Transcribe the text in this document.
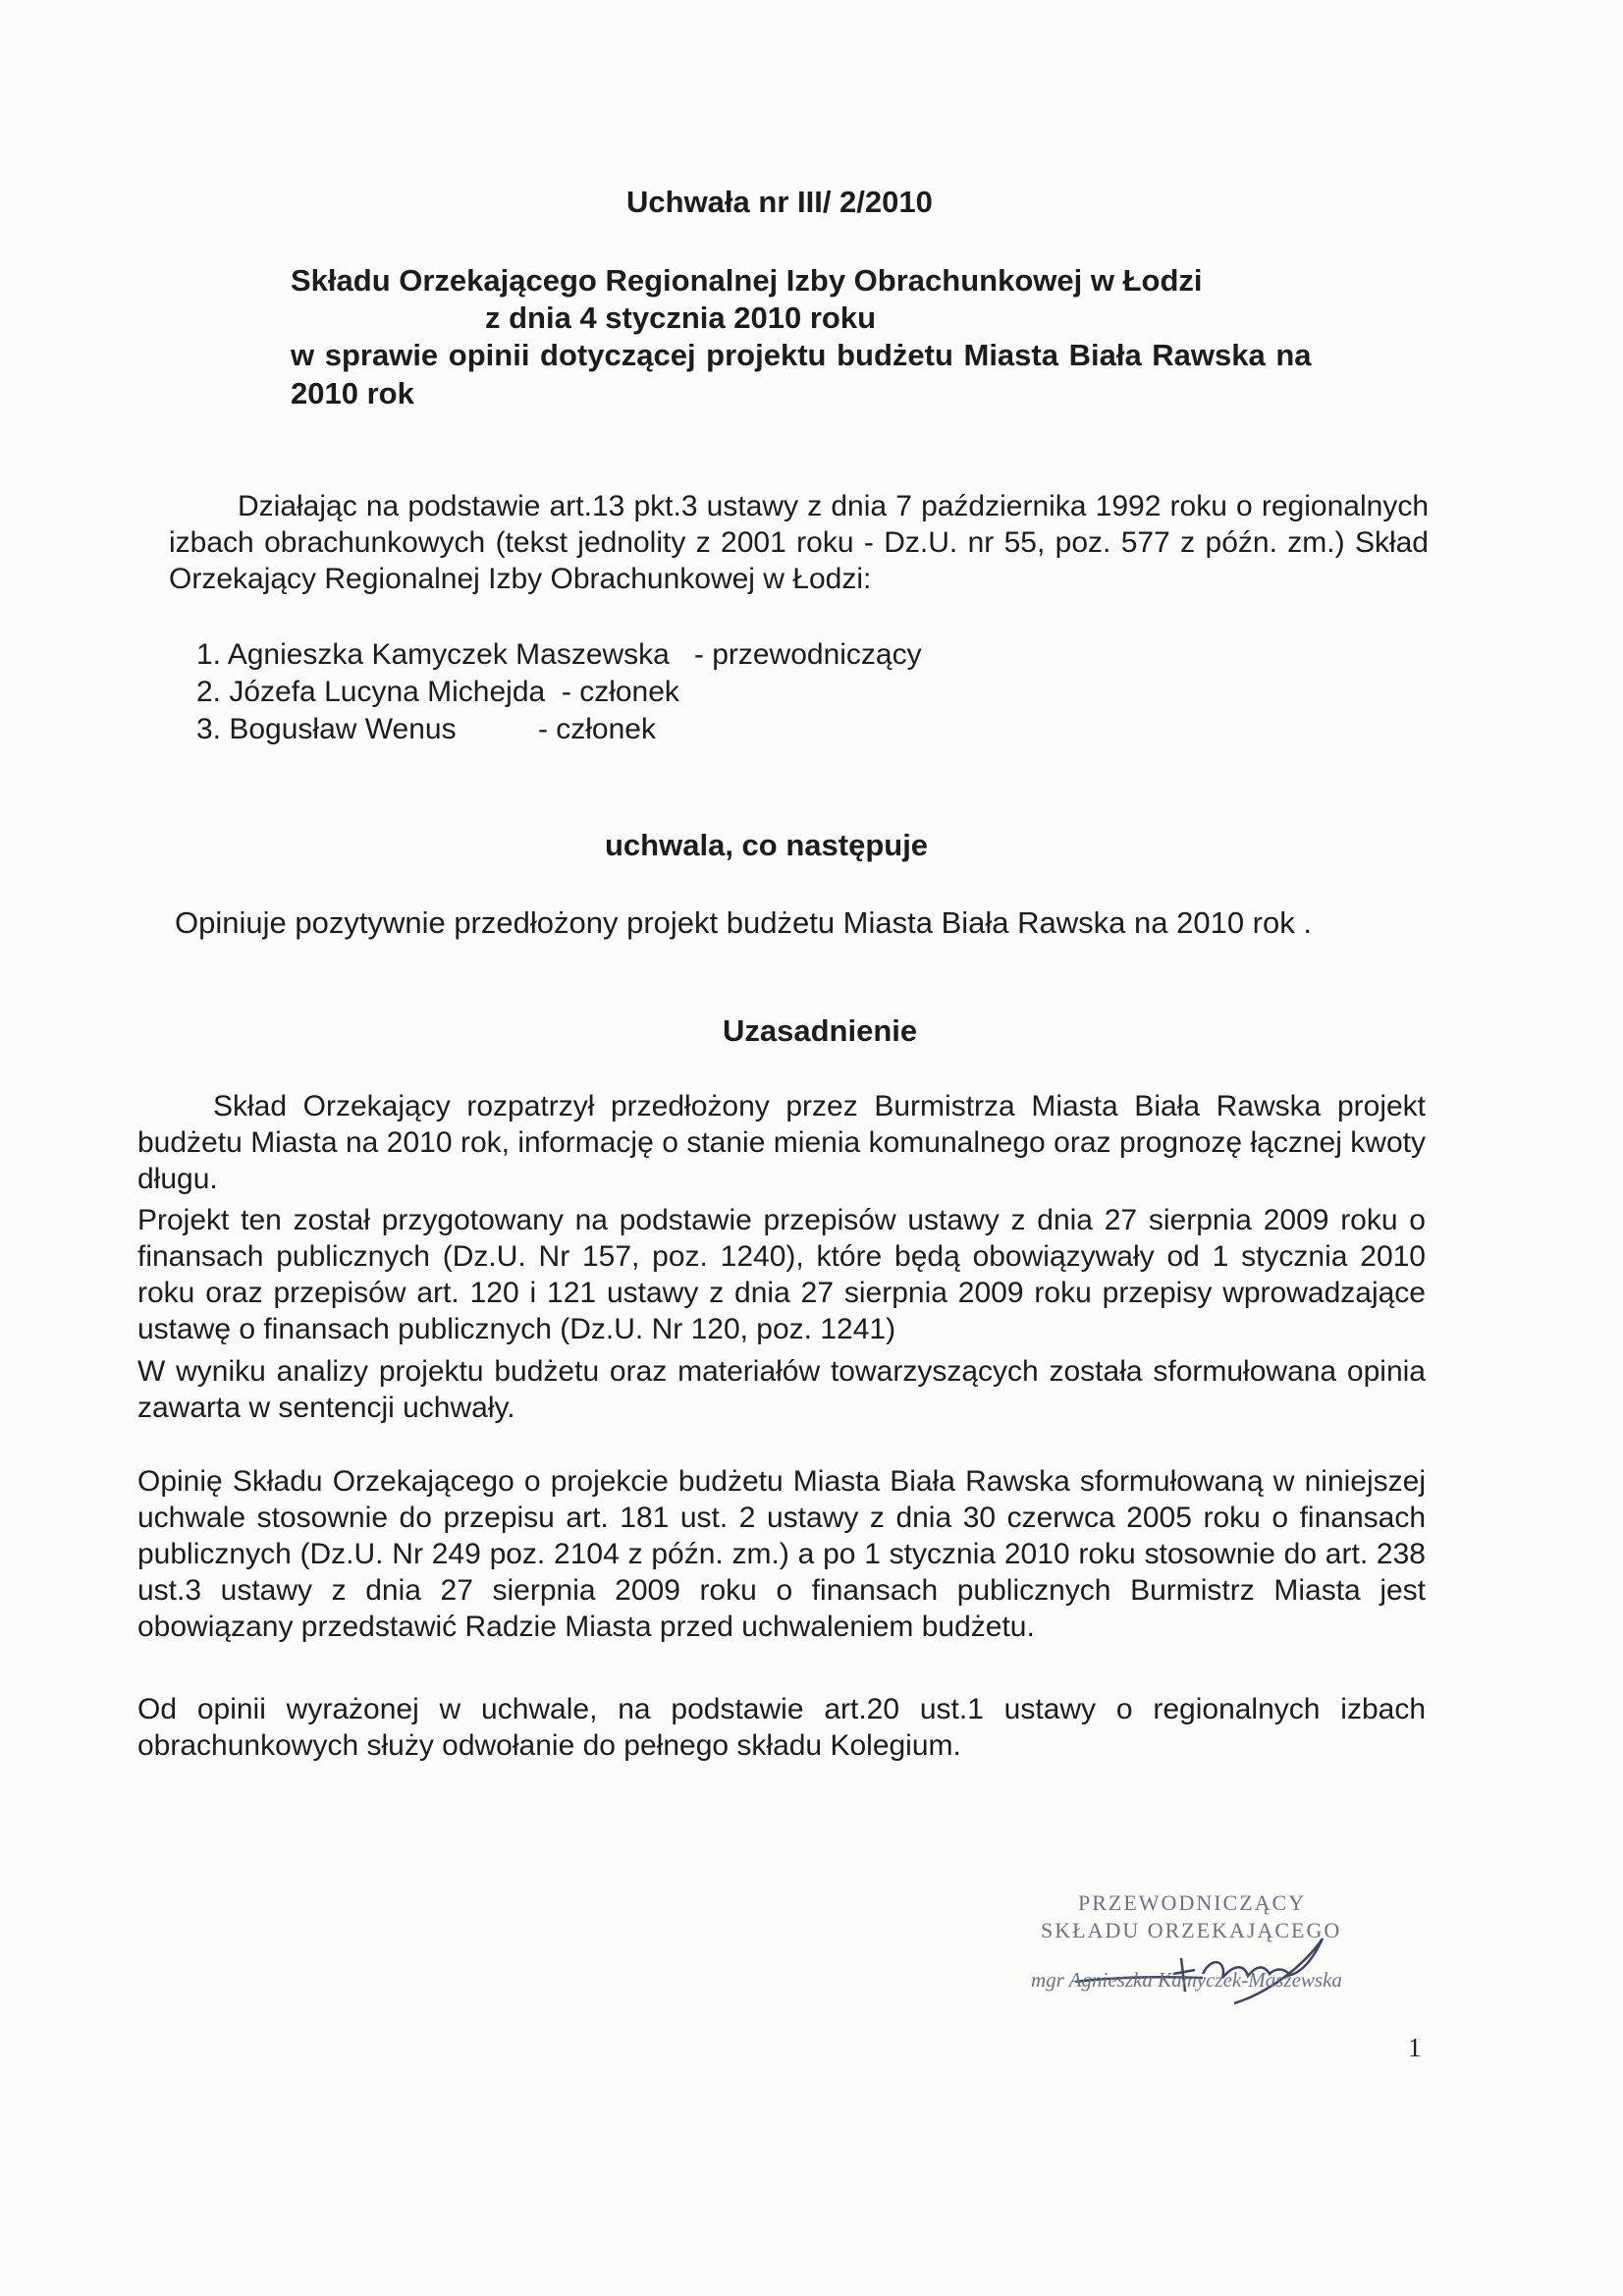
Uchwała nr III/ 2/2010
Składu Orzekającego Regionalnej Izby Obrachunkowej w Łodzi
z dnia 4 stycznia 2010 roku
w sprawie opinii dotyczącej projektu budżetu Miasta Biała Rawska na
2010 rok
Działając na podstawie art.13 pkt.3 ustawy z dnia 7 października 1992 roku o regionalnych izbach obrachunkowych (tekst jednolity z 2001 roku - Dz.U. nr 55, poz. 577 z późn. zm.) Skład Orzekający Regionalnej Izby Obrachunkowej w Łodzi:
1. Agnieszka Kamyczek Maszewska   - przewodniczący
2. Józefa Lucyna Michejda  - członek
3. Bogusław Wenus          - członek
uchwala, co następuje
Opiniuje pozytywnie przedłożony projekt budżetu Miasta Biała Rawska na 2010 rok .
Uzasadnienie
Skład Orzekający rozpatrzył przedłożony przez Burmistrza Miasta Biała Rawska projekt budżetu Miasta na 2010 rok, informację o stanie mienia komunalnego oraz prognozę łącznej kwoty długu.
Projekt ten został przygotowany na podstawie przepisów ustawy z dnia 27 sierpnia 2009 roku o finansach publicznych (Dz.U. Nr 157, poz. 1240), które będą obowiązywały od 1 stycznia 2010 roku oraz przepisów art. 120 i 121 ustawy z dnia 27 sierpnia 2009 roku przepisy wprowadzające ustawę o finansach publicznych (Dz.U. Nr 120, poz. 1241)
W wyniku analizy projektu budżetu oraz materiałów towarzyszących została sformułowana opinia zawarta w sentencji uchwały.
Opinię Składu Orzekającego o projekcie budżetu Miasta Biała Rawska sformułowaną w niniejszej uchwale stosownie do przepisu art. 181 ust. 2 ustawy z dnia 30 czerwca 2005 roku o finansach publicznych (Dz.U. Nr 249 poz. 2104 z późn. zm.) a po 1 stycznia 2010 roku stosownie do art. 238 ust.3 ustawy z dnia 27 sierpnia 2009 roku o finansach publicznych Burmistrz Miasta jest obowiązany przedstawić Radzie Miasta przed uchwaleniem budżetu.
Od opinii wyrażonej w uchwale, na podstawie art.20 ust.1 ustawy o regionalnych izbach obrachunkowych służy odwołanie do pełnego składu Kolegium.
PRZEWODNICZĄCY
SKŁADU ORZEKAJĄCEGO
mgr Agnieszka Kamyczek-Maszewska
1
